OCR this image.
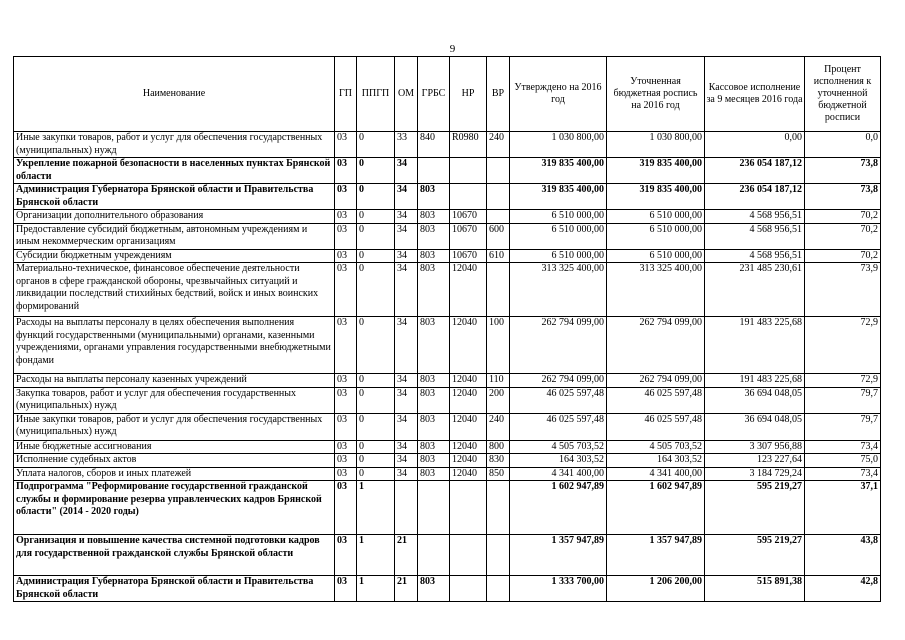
9
Наименование	ГП	ППГП	ОМ	ГРБС	НР	ВР	Утверждено на 2016 год	Уточненная бюджетная роспись на 2016 год	Кассовое исполнение за 9 месяцев 2016 года	Процент исполнения к уточненной бюджетной росписи
Иные закупки товаров, работ и услуг для обеспечения государственных (муниципальных) нужд	03	0	33	840	R0980	240	1 030 800,00	1 030 800,00	0,00	0,0
Укрепление пожарной безопасности в населенных пунктах Брянской области	03	0	34				319 835 400,00	319 835 400,00	236 054 187,12	73,8
Администрация Губернатора Брянской области и Правительства Брянской области	03	0	34	803			319 835 400,00	319 835 400,00	236 054 187,12	73,8
Организации дополнительного образования	03	0	34	803	10670		6 510 000,00	6 510 000,00	4 568 956,51	70,2
Предоставление субсидий бюджетным, автономным учреждениям и иным некоммерческим организациям	03	0	34	803	10670	600	6 510 000,00	6 510 000,00	4 568 956,51	70,2
Субсидии бюджетным учреждениям	03	0	34	803	10670	610	6 510 000,00	6 510 000,00	4 568 956,51	70,2
Материально-техническое, финансовое обеспечение деятельности органов в сфере гражданской обороны, чрезвычайных ситуаций и ликвидации последствий стихийных бедствий, войск и иных воинских формирований	03	0	34	803	12040		313 325 400,00	313 325 400,00	231 485 230,61	73,9
Расходы на выплаты персоналу в целях обеспечения выполнения функций государственными (муниципальными) органами, казенными учреждениями, органами управления государственными внебюджетными фондами	03	0	34	803	12040	100	262 794 099,00	262 794 099,00	191 483 225,68	72,9
Расходы на выплаты персоналу казенных учреждений	03	0	34	803	12040	110	262 794 099,00	262 794 099,00	191 483 225,68	72,9
Закупка товаров, работ и услуг для обеспечения государственных (муниципальных) нужд	03	0	34	803	12040	200	46 025 597,48	46 025 597,48	36 694 048,05	79,7
Иные закупки товаров, работ и услуг для обеспечения государственных (муниципальных) нужд	03	0	34	803	12040	240	46 025 597,48	46 025 597,48	36 694 048,05	79,7
Иные бюджетные ассигнования	03	0	34	803	12040	800	4 505 703,52	4 505 703,52	3 307 956,88	73,4
Исполнение судебных актов	03	0	34	803	12040	830	164 303,52	164 303,52	123 227,64	75,0
Уплата налогов, сборов и иных платежей	03	0	34	803	12040	850	4 341 400,00	4 341 400,00	3 184 729,24	73,4
Подпрограмма "Реформирование государственной гражданской службы и формирование резерва управленческих кадров Брянской области" (2014 - 2020 годы)	03	1					1 602 947,89	1 602 947,89	595 219,27	37,1
Организация и повышение качества системной подготовки кадров для государственной гражданской службы Брянской области	03	1	21				1 357 947,89	1 357 947,89	595 219,27	43,8
Администрация Губернатора Брянской области и Правительства Брянской области	03	1	21	803			1 333 700,00	1 206 200,00	515 891,38	42,8
